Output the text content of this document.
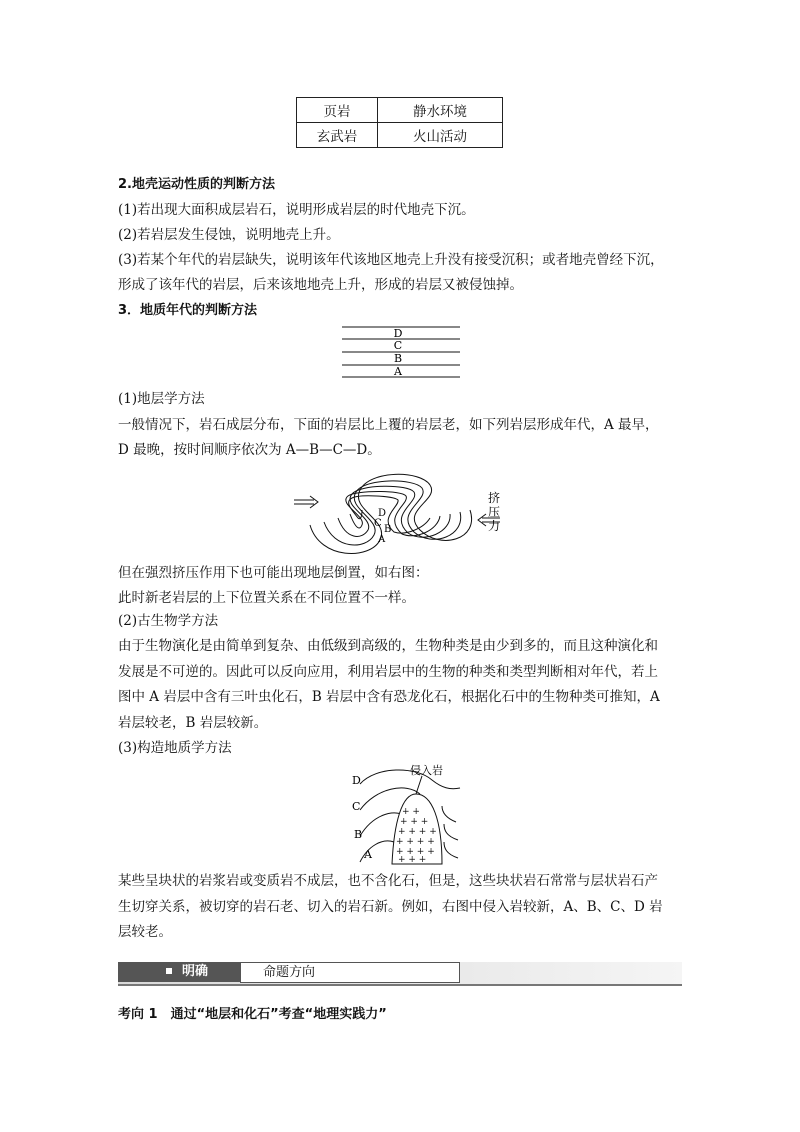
页岩	静水环境
玄武岩	火山活动

2.地壳运动性质的判断方法

(1)若出现大面积成层岩石，说明形成岩层的时代地壳下沉。

(2)若岩层发生侵蚀，说明地壳上升。

(3)若某个年代的岩层缺失，说明该年代该地区地壳上升没有接受沉积；或者地壳曾经下沉，

形成了该年代的岩层，后来该地地壳上升，形成的岩层又被侵蚀掉。

3．地质年代的判断方法

D
C
B
A

(1)地层学方法

一般情况下，岩石成层分布，下面的岩层比上覆的岩层老，如下列岩层形成年代，A 最早，

D 最晚，按时间顺序依次为 A—B—C—D。

D
C
B
A
挤
压
力

但在强烈挤压作用下也可能出现地层倒置，如右图：

此时新老岩层的上下位置关系在不同位置不一样。

(2)古生物学方法

由于生物演化是由简单到复杂、由低级到高级的，生物种类是由少到多的，而且这种演化和

发展是不可逆的。因此可以反向应用，利用岩层中的生物的种类和类型判断相对年代，若上

图中 A 岩层中含有三叶虫化石，B 岩层中含有恐龙化石，根据化石中的生物种类可推知，A

岩层较老，B 岩层较新。

(3)构造地质学方法

+ +
+ + +
+ + + +
+ + + +
+ + + +
+ + +
侵入岩
D
C
B
A

某些呈块状的岩浆岩或变质岩不成层，也不含化石，但是，这些块状岩石常常与层状岩石产

生切穿关系，被切穿的岩石老、切入的岩石新。例如，右图中侵入岩较新，A、B、C、D 岩

层较老。

明确	命题方向

考向 1　通过“地层和化石”考查“地理实践力”
